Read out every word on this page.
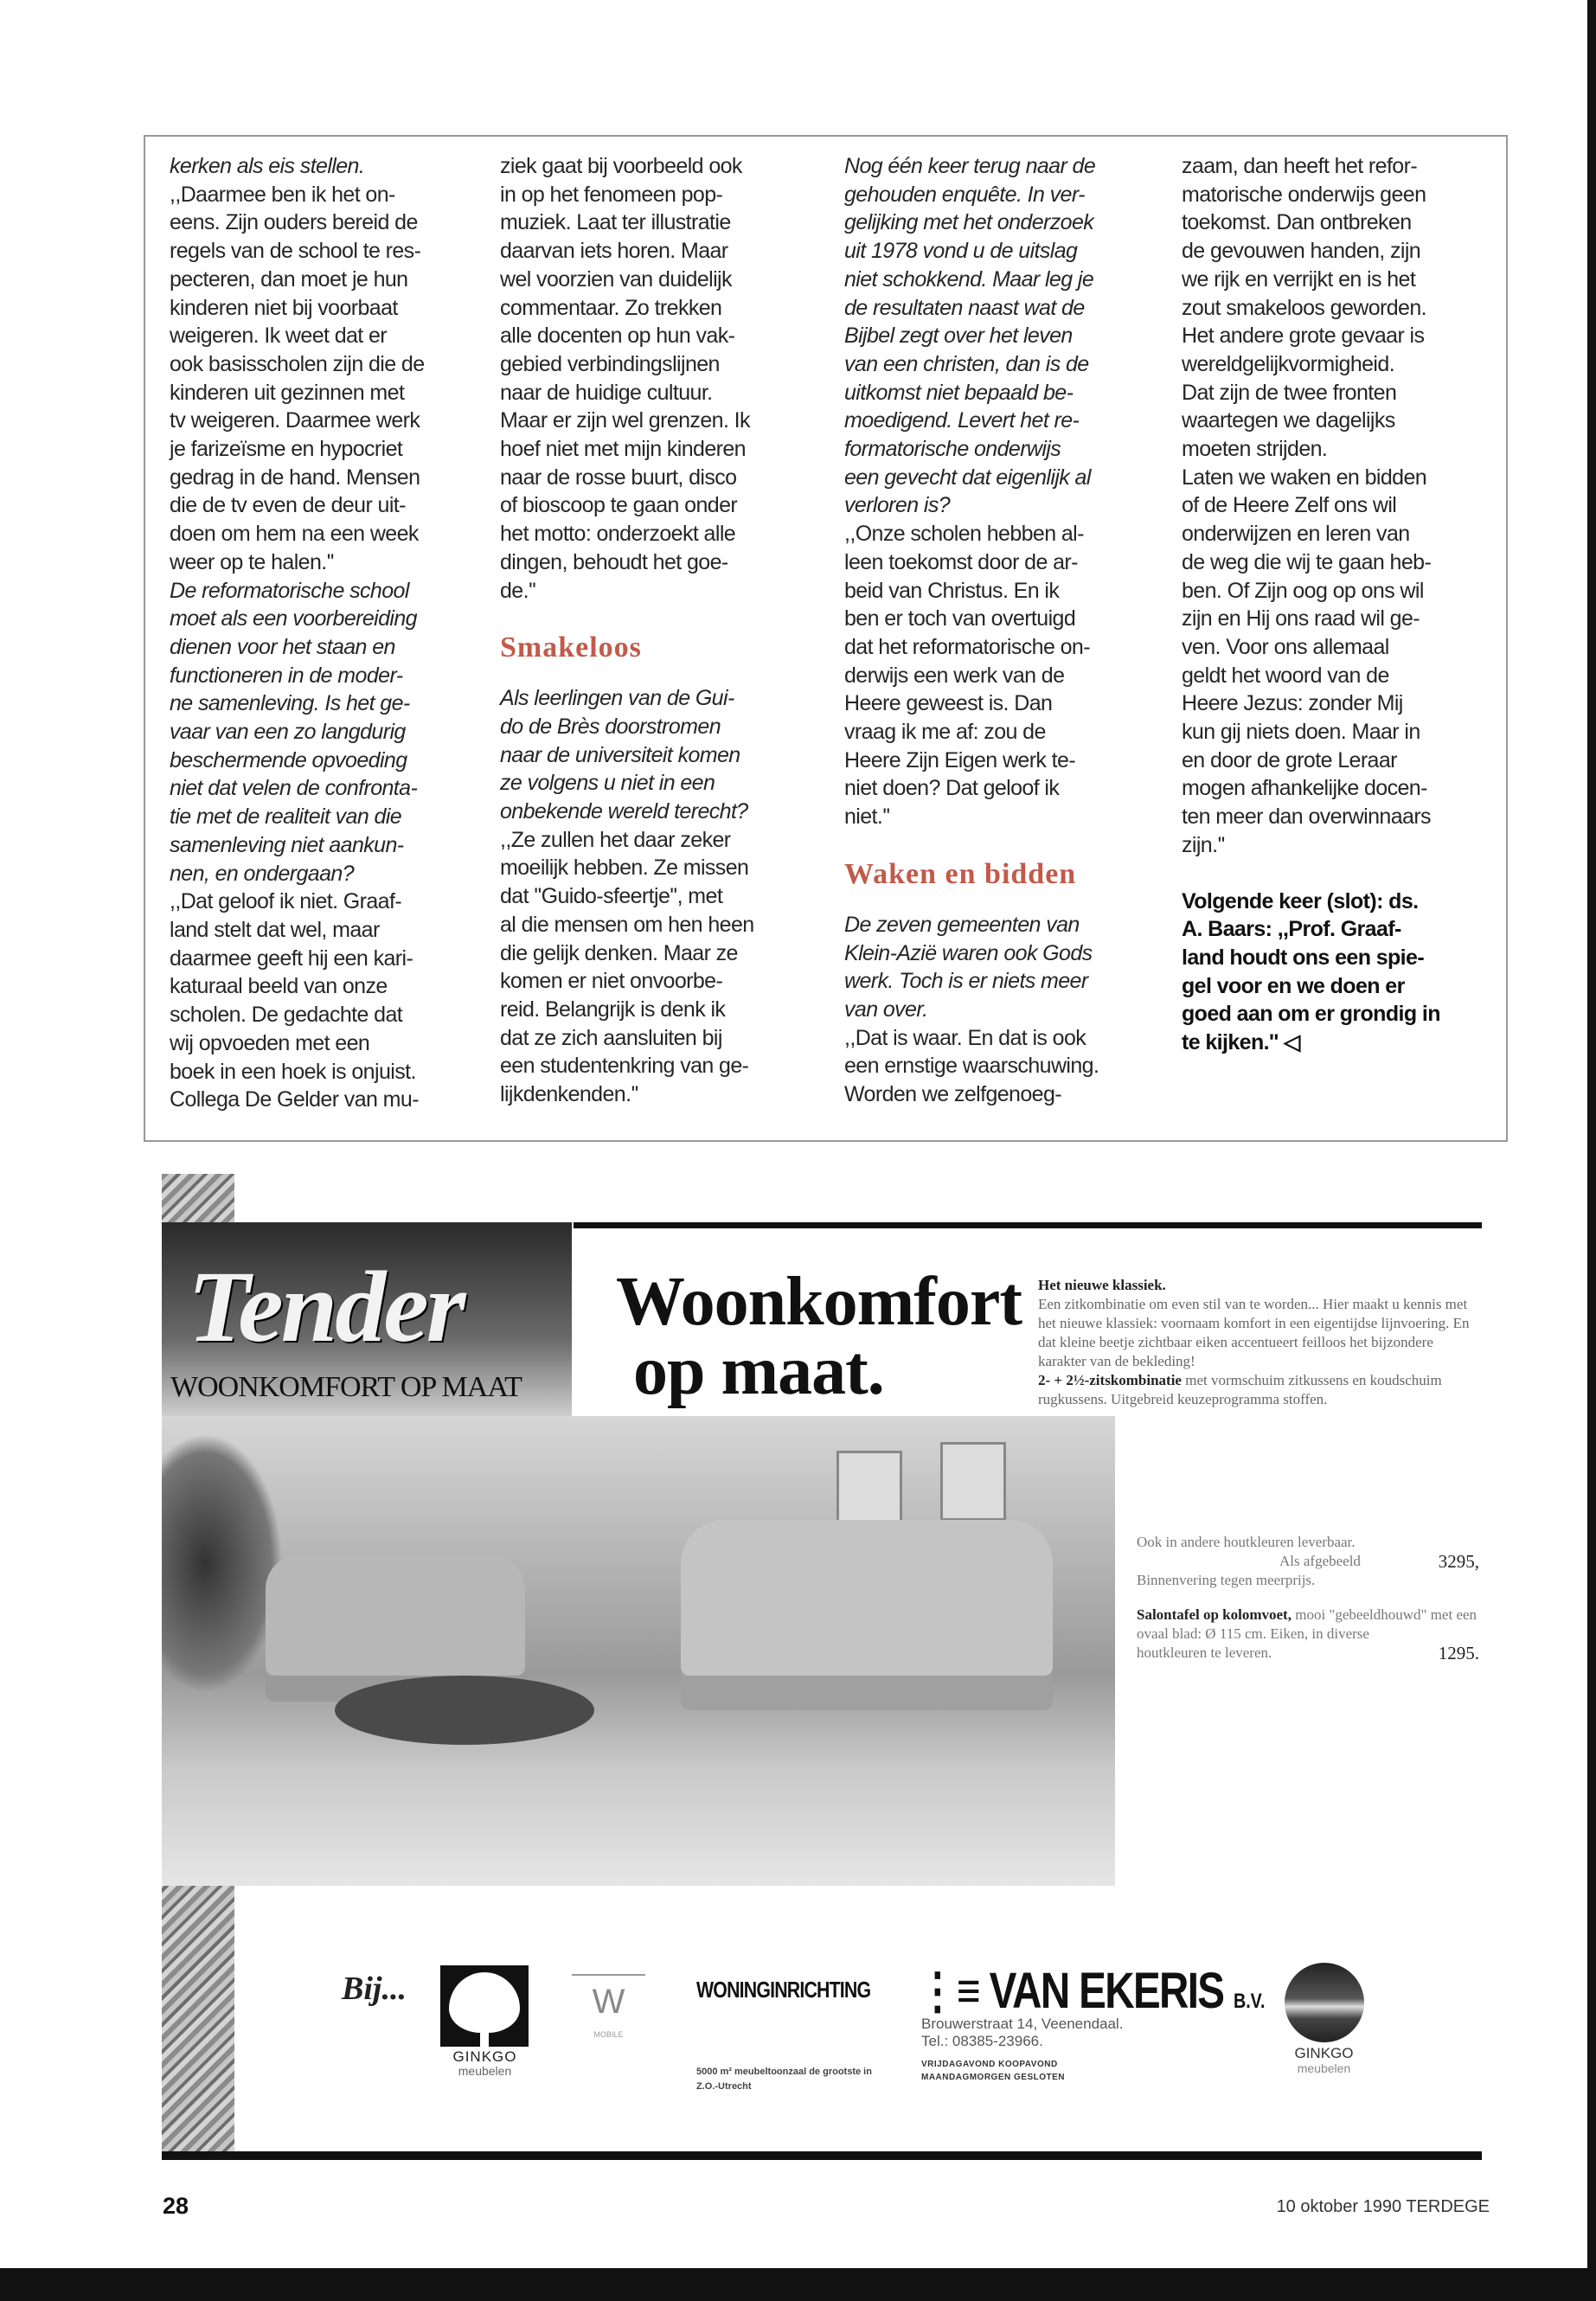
kerken als eis stellen.
,,Daarmee ben ik het on-
eens. Zijn ouders bereid de
regels van de school te res-
pecteren, dan moet je hun
kinderen niet bij voorbaat
weigeren. Ik weet dat er
ook basisscholen zijn die de
kinderen uit gezinnen met
tv weigeren. Daarmee werk
je farizeïsme en hypocriet
gedrag in de hand. Mensen
die de tv even de deur uit-
doen om hem na een week
weer op te halen.''
De reformatorische school
moet als een voorbereiding
dienen voor het staan en
functioneren in de moder-
ne samenleving. Is het ge-
vaar van een zo langdurig
beschermende opvoeding
niet dat velen de confronta-
tie met de realiteit van die
samenleving niet aankun-
nen, en ondergaan?
,,Dat geloof ik niet. Graaf-
land stelt dat wel, maar
daarmee geeft hij een kari-
katuraal beeld van onze
scholen. De gedachte dat
wij opvoeden met een
boek in een hoek is onjuist.
Collega De Gelder van mu-
ziek gaat bij voorbeeld ook
in op het fenomeen pop-
muziek. Laat ter illustratie
daarvan iets horen. Maar
wel voorzien van duidelijk
commentaar. Zo trekken
alle docenten op hun vak-
gebied verbindingslijnen
naar de huidige cultuur.
Maar er zijn wel grenzen. Ik
hoef niet met mijn kinderen
naar de rosse buurt, disco
of bioscoop te gaan onder
het motto: onderzoekt alle
dingen, behoudt het goe-
de.''
Smakeloos
Als leerlingen van de Gui-
do de Brès doorstromen
naar de universiteit komen
ze volgens u niet in een
onbekende wereld terecht?
,,Ze zullen het daar zeker
moeilijk hebben. Ze missen
dat ''Guido-sfeertje'', met
al die mensen om hen heen
die gelijk denken. Maar ze
komen er niet onvoorbe-
reid. Belangrijk is denk ik
dat ze zich aansluiten bij
een studentenkring van ge-
lijkdenkenden.''
Nog één keer terug naar de
gehouden enquête. In ver-
gelijking met het onderzoek
uit 1978 vond u de uitslag
niet schokkend. Maar leg je
de resultaten naast wat de
Bijbel zegt over het leven
van een christen, dan is de
uitkomst niet bepaald be-
moedigend. Levert het re-
formatorische onderwijs
een gevecht dat eigenlijk al
verloren is?
,,Onze scholen hebben al-
leen toekomst door de ar-
beid van Christus. En ik
ben er toch van overtuigd
dat het reformatorische on-
derwijs een werk van de
Heere geweest is. Dan
vraag ik me af: zou de
Heere Zijn Eigen werk te-
niet doen? Dat geloof ik
niet.''
Waken en bidden
De zeven gemeenten van
Klein-Azië waren ook Gods
werk. Toch is er niets meer
van over.
,,Dat is waar. En dat is ook
een ernstige waarschuwing.
Worden we zelfgenoeg-
zaam, dan heeft het refor-
matorische onderwijs geen
toekomst. Dan ontbreken
de gevouwen handen, zijn
we rijk en verrijkt en is het
zout smakeloos geworden.
Het andere grote gevaar is
wereldgelijkvormigheid.
Dat zijn de twee fronten
waartegen we dagelijks
moeten strijden.
Laten we waken en bidden
of de Heere Zelf ons wil
onderwijzen en leren van
de weg die wij te gaan heb-
ben. Of Zijn oog op ons wil
zijn en Hij ons raad wil ge-
ven. Voor ons allemaal
geldt het woord van de
Heere Jezus: zonder Mij
kun gij niets doen. Maar in
en door de grote Leraar
mogen afhankelijke docen-
ten meer dan overwinnaars
zijn.''
Volgende keer (slot): ds.
A. Baars: ,,Prof. Graaf-
land houdt ons een spie-
gel voor en we doen er
goed aan om er grondig in
te kijken.'' ◁
Tender
WOONKOMFORT OP MAAT
Woonkomfort
op maat.
Het nieuwe klassiek.
Een zitkombinatie om even stil van te worden... Hier maakt u kennis met het nieuwe klassiek: voornaam komfort in een eigentijdse lijnvoering. En dat kleine beetje zichtbaar eiken accentueert feilloos het bijzondere karakter van de bekleding!
2- + 2½-zitskombinatie met vormschuim zitkussens en koudschuim rugkussens. Uitgebreid keuzeprogramma stoffen.
Ook in andere houtkleuren leverbaar.
Als afgebeeld	3295,
Binnenvering tegen meerprijs.
Salontafel op kolomvoet, mooi "gebeeldhouwd" met een ovaal blad: Ø 115 cm. Eiken, in diverse
houtkleuren te leveren.	1295.
Bij...
GINKGO
meubelen
W
MOBILE
WONINGINRICHTING
5000 m² meubeltoonzaal de grootste in Z.O.-Utrecht
⋮≡ VAN EKERIS B.V.
Brouwerstraat 14, Veenendaal.
Tel.: 08385-23966.
VRIJDAGAVOND KOOPAVOND
MAANDAGMORGEN GESLOTEN
GINKGO
meubelen
28	10 oktober 1990 TERDEGE
